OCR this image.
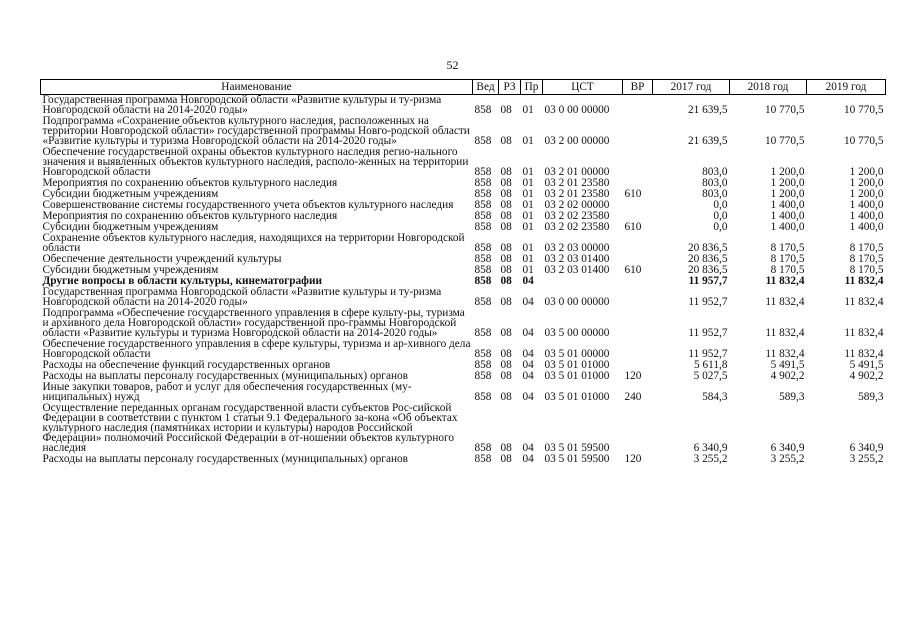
52
Наименование	Вед	РЗ	Пр	ЦСТ	ВР	2017 год	2018 год	2019 год
Государственная программа Новгородской области «Развитие культуры и ту-ризма Новгородской области на 2014-2020 годы»	858	08	01	03 0 00 00000		21 639,5	10 770,5	10 770,5
Подпрограмма «Сохранение объектов культурного наследия, расположенных на территории Новгородской области» государственной программы Новго-родской области «Развитие культуры и туризма Новгородской области на 2014-2020 годы»	858	08	01	03 2 00 00000		21 639,5	10 770,5	10 770,5
Обеспечение государственной охраны объектов культурного наследия регио-нального значения и выявленных объектов культурного наследия, располо-женных на территории Новгородской области	858	08	01	03 2 01 00000		803,0	1 200,0	1 200,0
Мероприятия по сохранению объектов культурного наследия	858	08	01	03 2 01 23580		803,0	1 200,0	1 200,0
Субсидии бюджетным учреждениям	858	08	01	03 2 01 23580	610	803,0	1 200,0	1 200,0
Совершенствование системы государственного учета объектов культурного наследия	858	08	01	03 2 02 00000		0,0	1 400,0	1 400,0
Мероприятия по сохранению объектов культурного наследия	858	08	01	03 2 02 23580		0,0	1 400,0	1 400,0
Субсидии бюджетным учреждениям	858	08	01	03 2 02 23580	610	0,0	1 400,0	1 400,0
Сохранение объектов культурного наследия, находящихся на территории Новгородской области	858	08	01	03 2 03 00000		20 836,5	8 170,5	8 170,5
Обеспечение деятельности учреждений культуры	858	08	01	03 2 03 01400		20 836,5	8 170,5	8 170,5
Субсидии бюджетным учреждениям	858	08	01	03 2 03 01400	610	20 836,5	8 170,5	8 170,5
Другие вопросы в области культуры, кинематографии	858	08	04			11 957,7	11 832,4	11 832,4
Государственная программа Новгородской области «Развитие культуры и ту-ризма Новгородской области на 2014-2020 годы»	858	08	04	03 0 00 00000		11 952,7	11 832,4	11 832,4
Подпрограмма «Обеспечение государственного управления в сфере культу-ры, туризма и архивного дела Новгородской области» государственной про-граммы Новгородской области «Развитие культуры и туризма Новгородской области на 2014-2020 годы»	858	08	04	03 5 00 00000		11 952,7	11 832,4	11 832,4
Обеспечение государственного управления в сфере культуры, туризма и ар-хивного дела Новгородской области	858	08	04	03 5 01 00000		11 952,7	11 832,4	11 832,4
Расходы на обеспечение функций государственных органов	858	08	04	03 5 01 01000		5 611,8	5 491,5	5 491,5
Расходы на выплаты персоналу государственных (муниципальных) органов	858	08	04	03 5 01 01000	120	5 027,5	4 902,2	4 902,2
Иные закупки товаров, работ и услуг для обеспечения государственных (му-ниципальных) нужд	858	08	04	03 5 01 01000	240	584,3	589,3	589,3
Осуществление переданных органам государственной власти субъектов Рос-сийской Федерации в соответствии с пунктом 1 статьи 9.1 Федерального за-кона «Об объектах культурного наследия (памятниках истории и культуры) народов Российской Федерации» полномочий Российской Федерации в от-ношении объектов культурного наследия	858	08	04	03 5 01 59500		6 340,9	6 340,9	6 340,9
Расходы на выплаты персоналу государственных (муниципальных) органов	858	08	04	03 5 01 59500	120	3 255,2	3 255,2	3 255,2
